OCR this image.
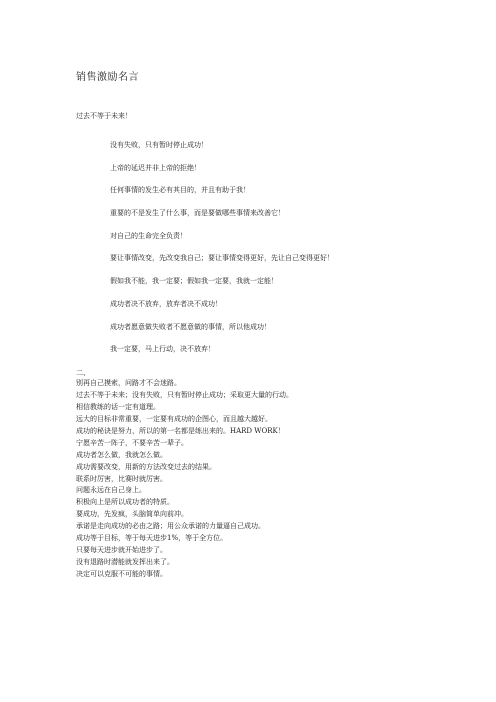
销售激励名言
过去不等于未来！
没有失败，只有暂时停止成功！
上帝的延迟并非上帝的拒绝！
任何事情的发生必有其目的，并且有助于我！
重要的不是发生了什么事，而是要做哪些事情来改善它！
对自己的生命完全负责！
要让事情改变，先改变我自己；要让事情变得更好，先让自己变得更好！
假如我不能，我一定要；假如我一定要，我就一定能！
成功者决不放弃，放弃者决不成功！
成功者愿意做失败者不愿意做的事情，所以他成功！
我一定要，马上行动，决不放弃！
二、
别再自己摸索，问路才不会迷路。
过去不等于未来；没有失败，只有暂时停止成功；采取更大量的行动。
相信教练的话一定有道理。
远大的目标非常重要，一定要有成功的企图心，而且越大越好。
成功的秘诀是努力，所以的第一名都是练出来的。HARD WORK！
宁愿辛苦一阵子，不要辛苦一辈子。
成功者怎么做，我就怎么做。
成功需要改变，用新的方法改变过去的结果。
联系时厉害，比赛时就厉害。
问题永远在自己身上。
积极向上是所以成功者的特质。
要成功，先发疯，头脑简单向前冲。
承诺是走向成功的必由之路；用公众承诺的力量逼自己成功。
成功等于目标，等于每天进步1%，等于全方位。
只要每天进步就开始进步了。
没有退路时潜能就发挥出来了。
决定可以克服不可能的事情。
